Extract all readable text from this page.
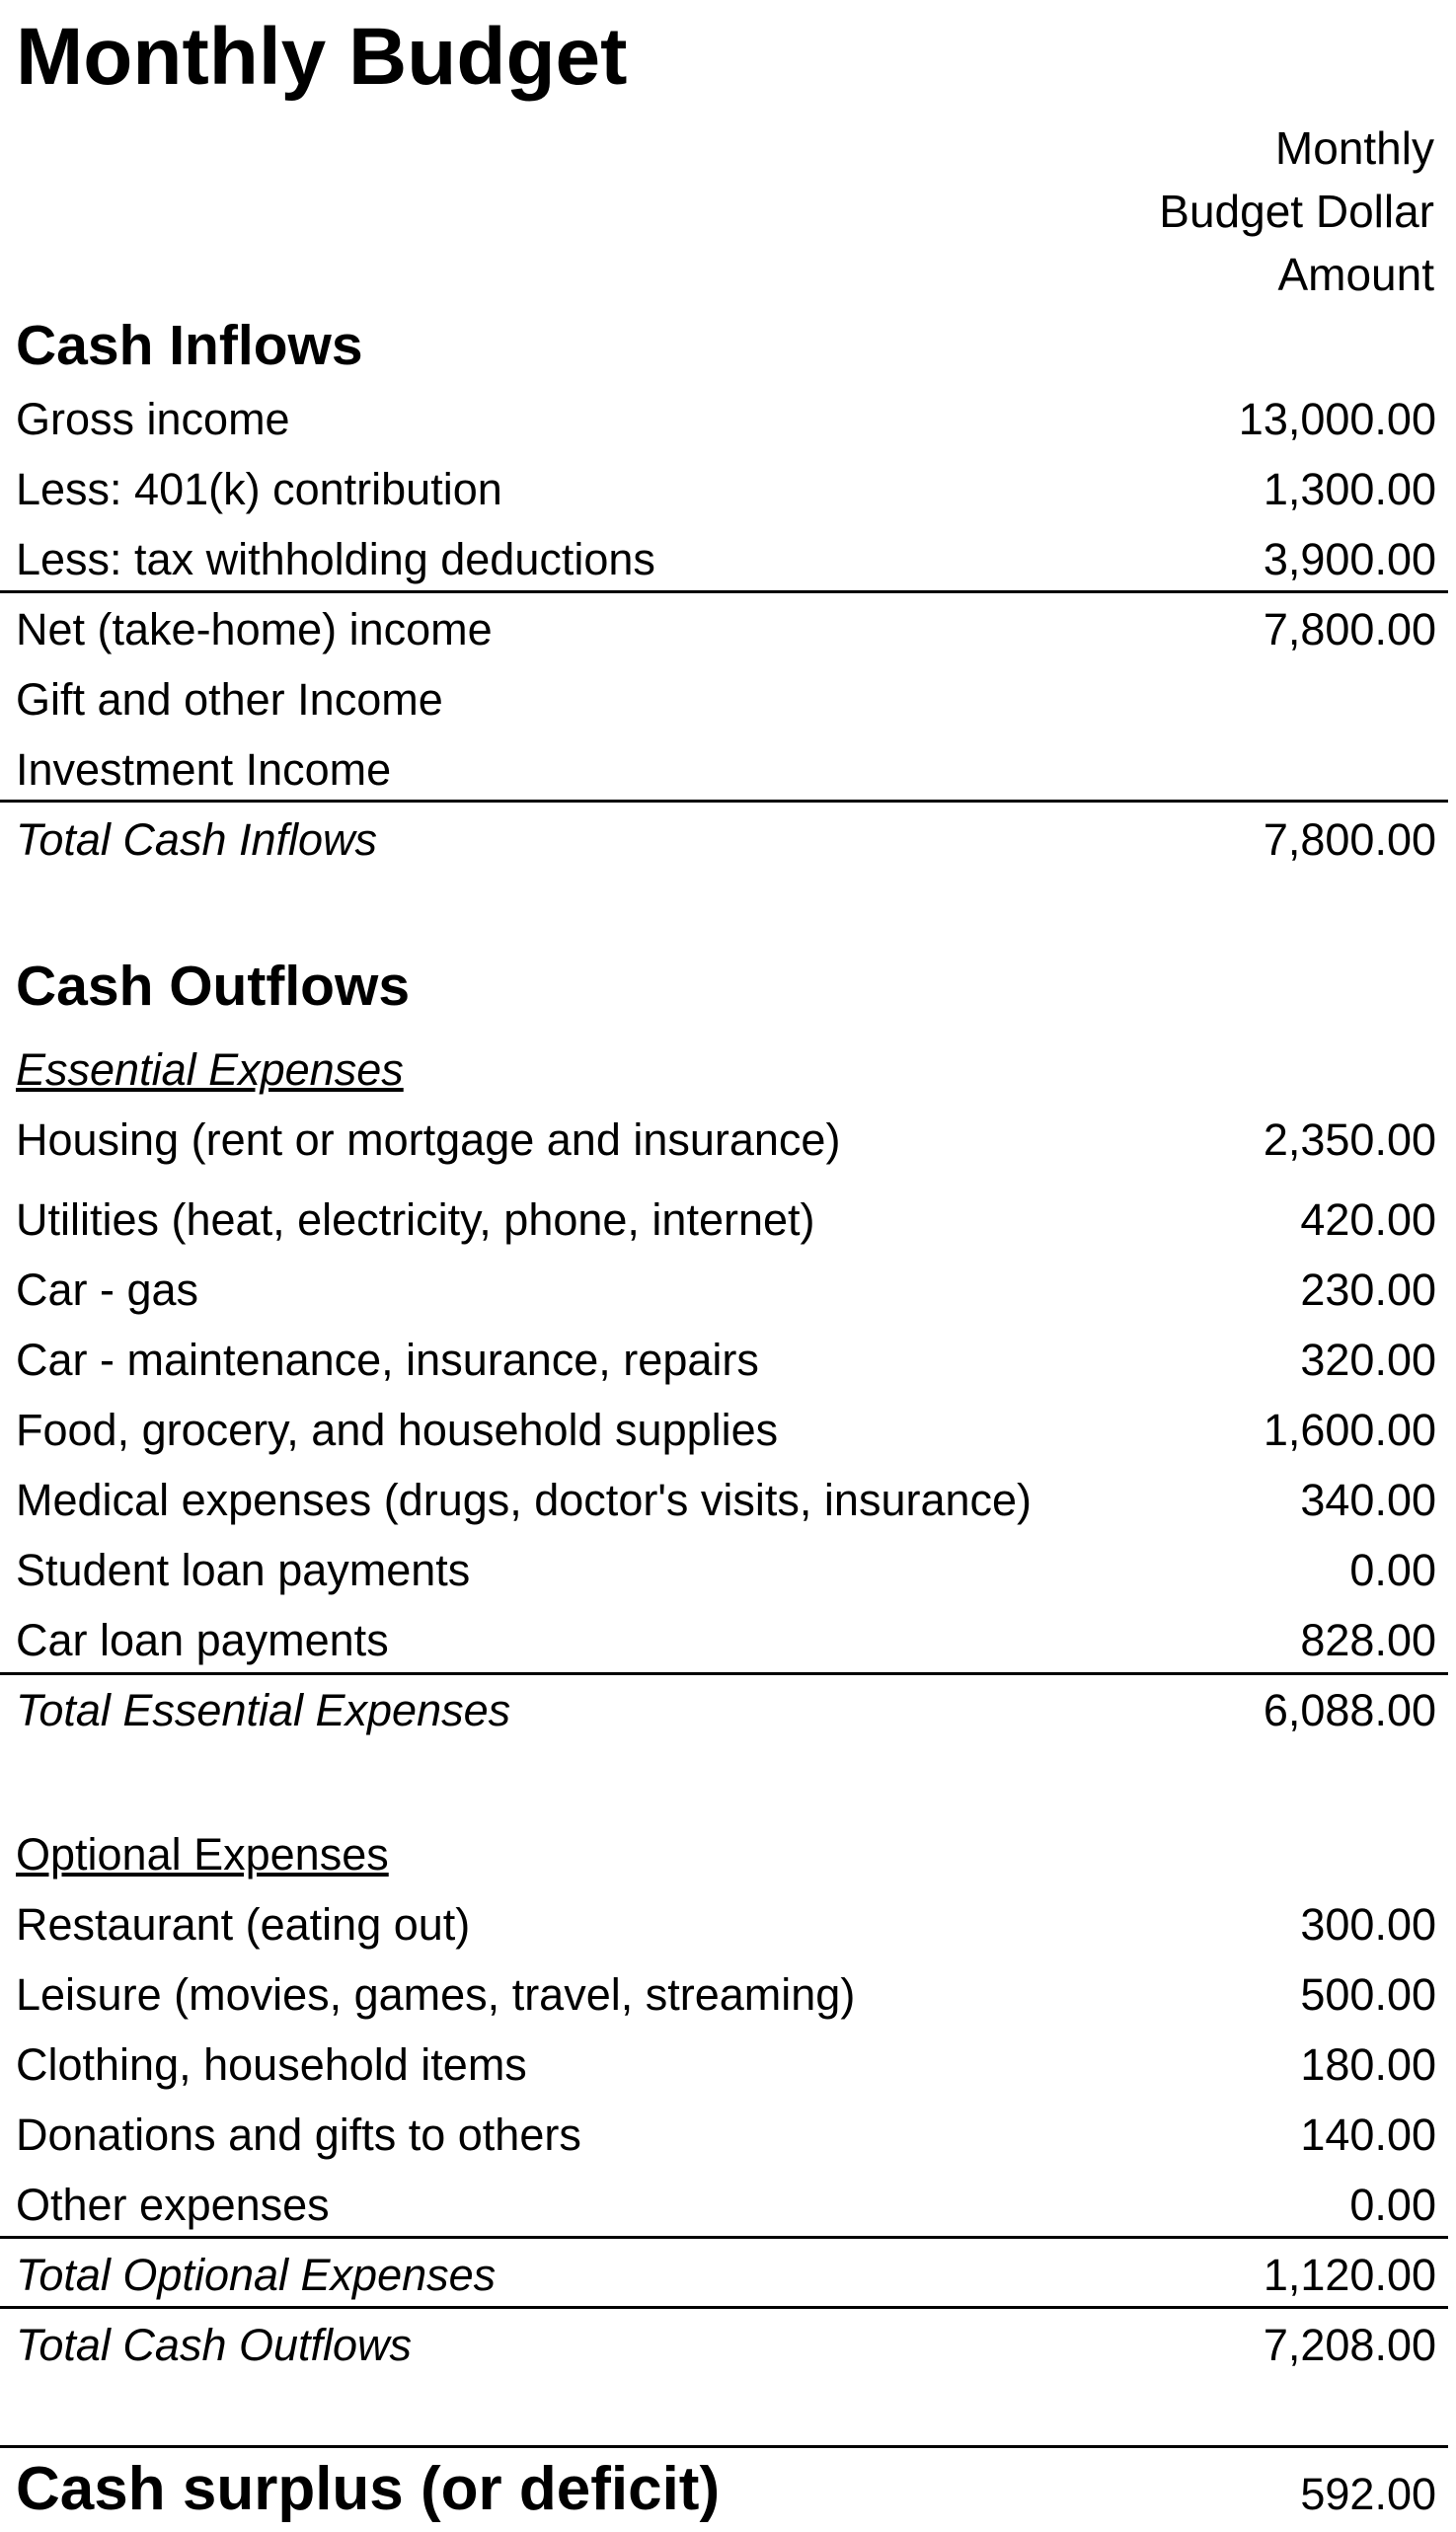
Monthly Budget
Monthly
Budget Dollar
Amount
Cash Inflows
Gross income	13,000.00
Less: 401(k) contribution	1,300.00
Less: tax withholding deductions	3,900.00
Net (take-home) income	7,800.00
Gift and other Income
Investment Income
Total Cash Inflows	7,800.00
Cash Outflows
Essential Expenses
Housing (rent or mortgage and insurance)	2,350.00
Utilities (heat, electricity, phone, internet)	420.00
Car - gas	230.00
Car - maintenance, insurance, repairs	320.00
Food, grocery, and household supplies	1,600.00
Medical expenses (drugs, doctor's visits, insurance)	340.00
Student loan payments	0.00
Car loan payments	828.00
Total Essential Expenses	6,088.00
Optional Expenses
Restaurant (eating out)	300.00
Leisure (movies, games, travel, streaming)	500.00
Clothing, household items	180.00
Donations and gifts to others	140.00
Other expenses	0.00
Total Optional Expenses	1,120.00
Total Cash Outflows	7,208.00
Cash surplus (or deficit)	592.00
